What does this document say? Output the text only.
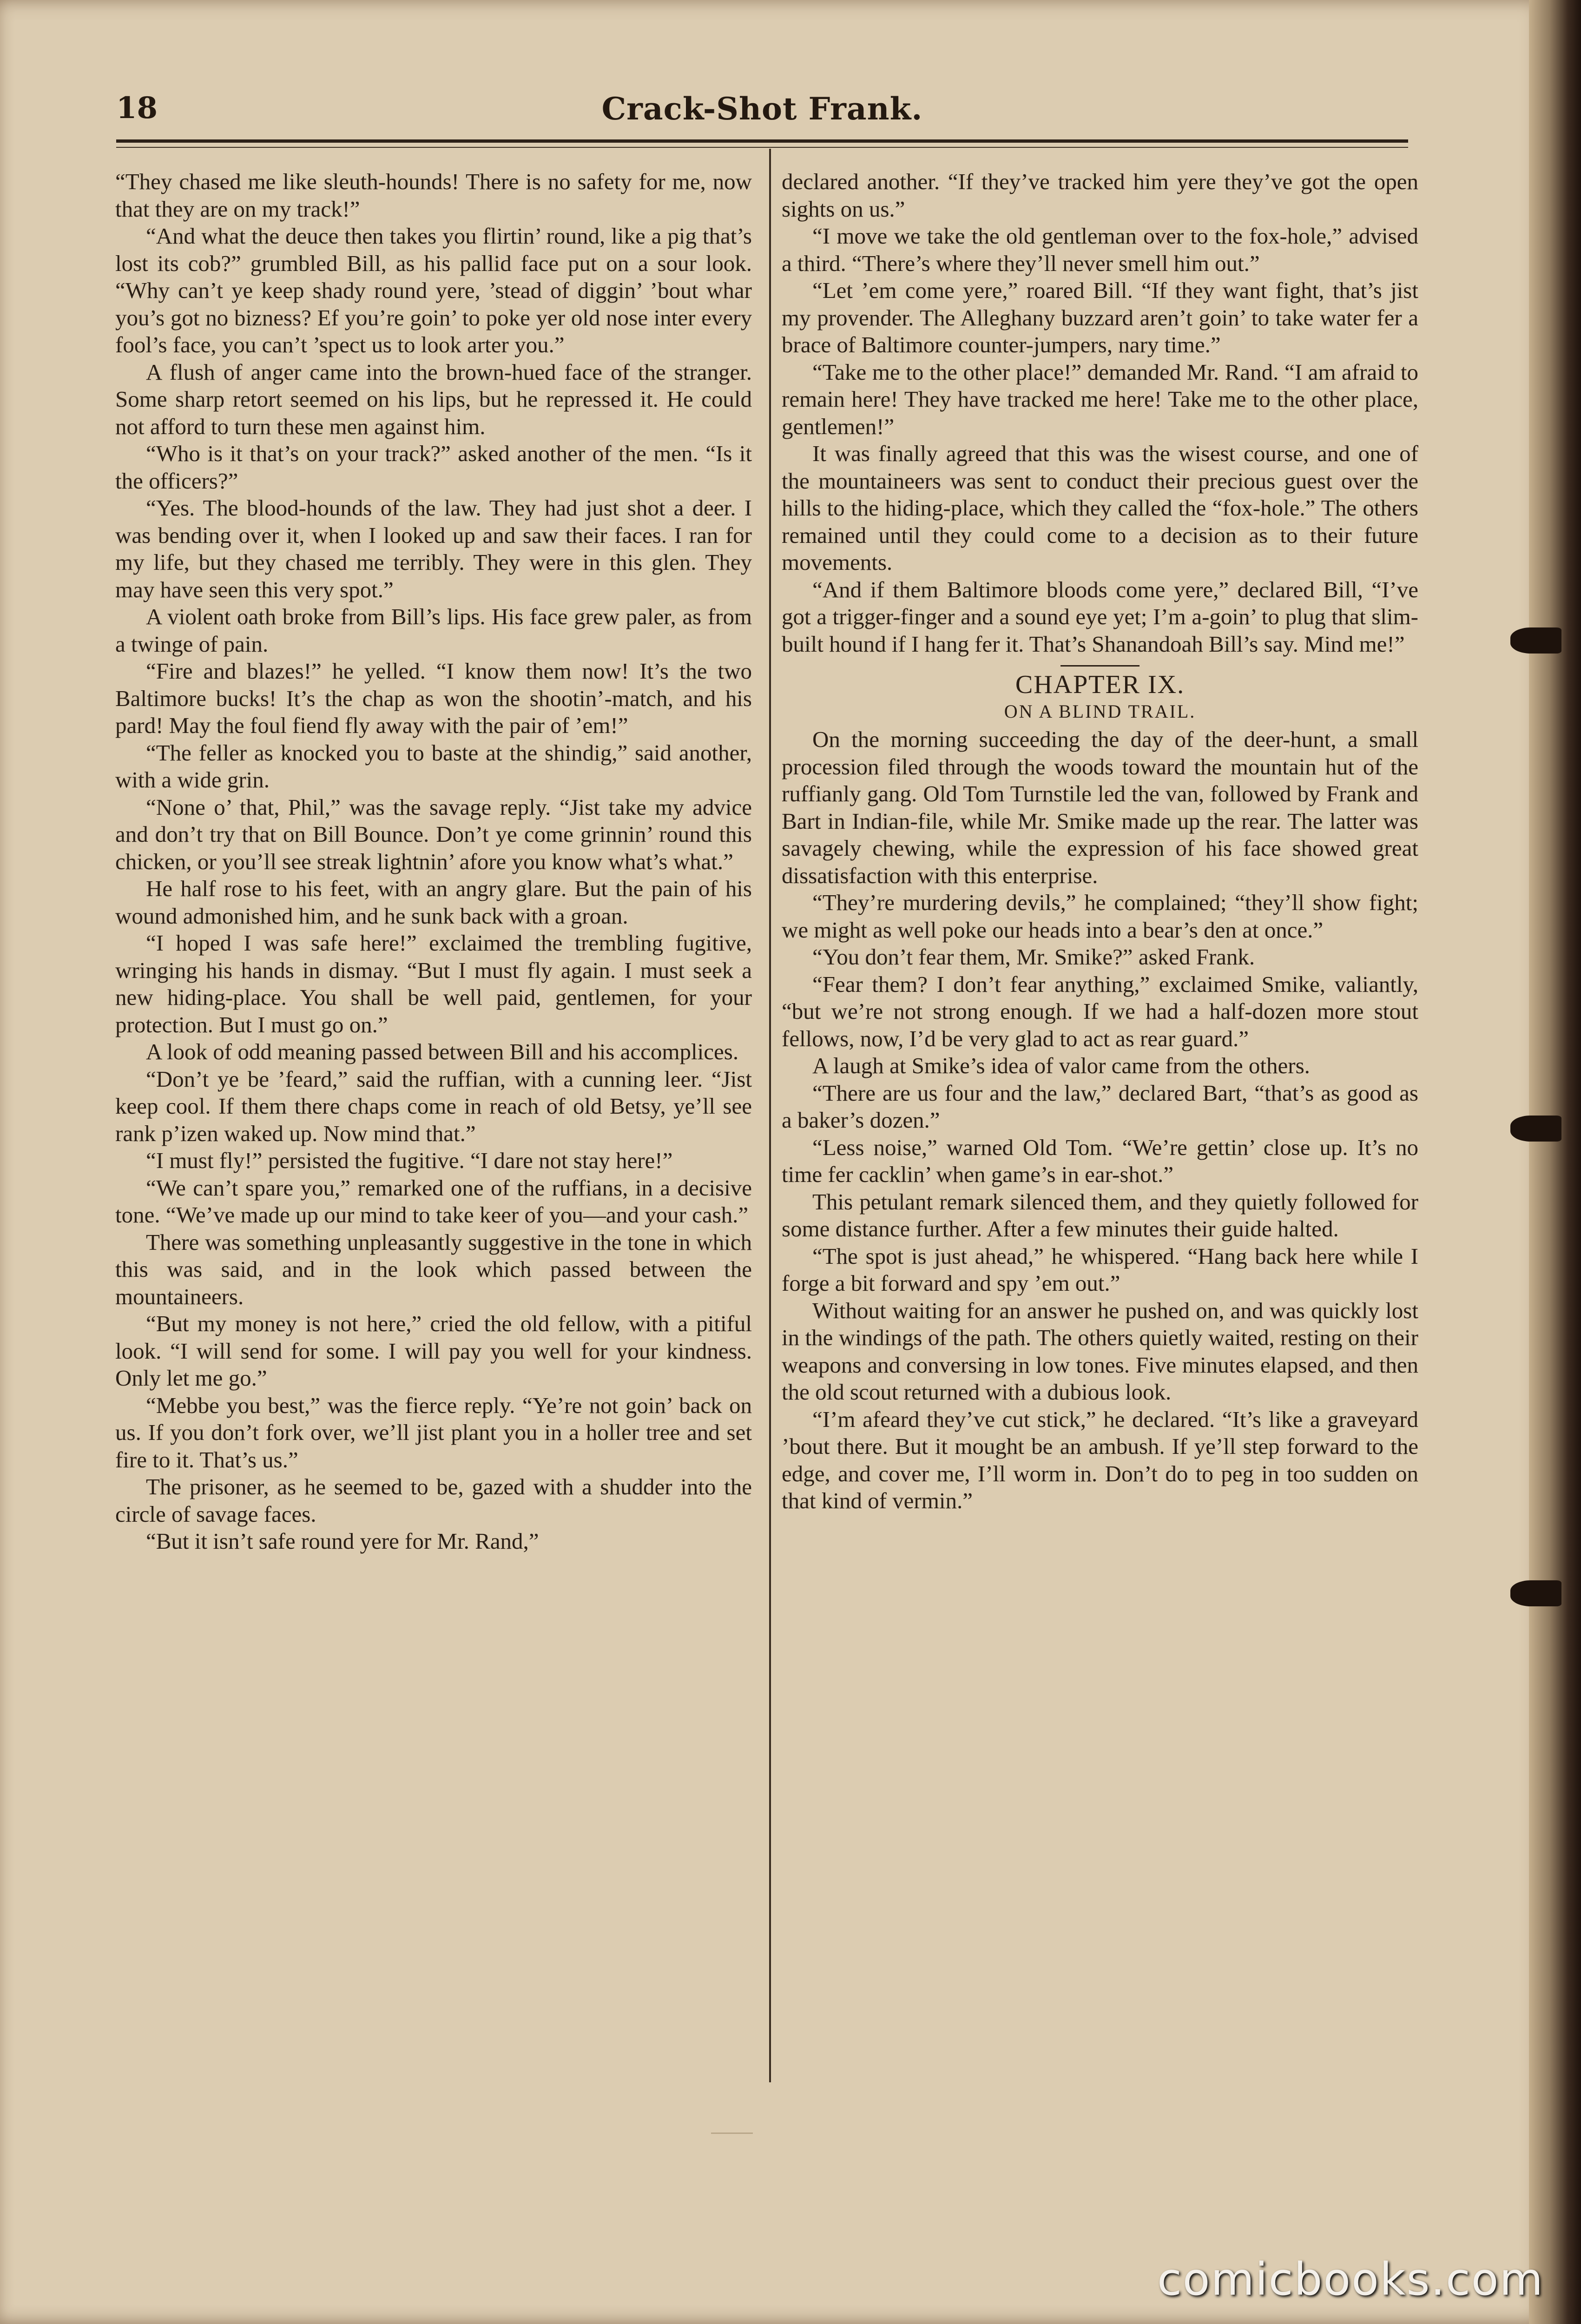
18	Crack-Shot Frank.

“They chased me like sleuth-hounds! There is no safety for me, now that they are on my track!”

“And what the deuce then takes you flirtin’ round, like a pig that’s lost its cob?” grumbled Bill, as his pallid face put on a sour look. “Why can’t ye keep shady round yere, ’stead of diggin’ ’bout whar you’s got no bizness? Ef you’re goin’ to poke yer old nose inter every fool’s face, you can’t ’spect us to look arter you.”

A flush of anger came into the brown-hued face of the stranger. Some sharp retort seemed on his lips, but he repressed it. He could not afford to turn these men against him.

“Who is it that’s on your track?” asked another of the men. “Is it the officers?”

“Yes. The blood-hounds of the law. They had just shot a deer. I was bending over it, when I looked up and saw their faces. I ran for my life, but they chased me terribly. They were in this glen. They may have seen this very spot.”

A violent oath broke from Bill’s lips. His face grew paler, as from a twinge of pain.

“Fire and blazes!” he yelled. “I know them now! It’s the two Baltimore bucks! It’s the chap as won the shootin’-match, and his pard! May the foul fiend fly away with the pair of ’em!”

“The feller as knocked you to baste at the shindig,” said another, with a wide grin.

“None o’ that, Phil,” was the savage reply. “Jist take my advice and don’t try that on Bill Bounce. Don’t ye come grinnin’ round this chicken, or you’ll see streak lightnin’ afore you know what’s what.”

He half rose to his feet, with an angry glare. But the pain of his wound admonished him, and he sunk back with a groan.

“I hoped I was safe here!” exclaimed the trembling fugitive, wringing his hands in dismay. “But I must fly again. I must seek a new hiding-place. You shall be well paid, gentlemen, for your protection. But I must go on.”

A look of odd meaning passed between Bill and his accomplices.

“Don’t ye be ’feard,” said the ruffian, with a cunning leer. “Jist keep cool. If them there chaps come in reach of old Betsy, ye’ll see rank p’izen waked up. Now mind that.”

“I must fly!” persisted the fugitive. “I dare not stay here!”

“We can’t spare you,” remarked one of the ruffians, in a decisive tone. “We’ve made up our mind to take keer of you—and your cash.”

There was something unpleasantly suggestive in the tone in which this was said, and in the look which passed between the mountaineers.

“But my money is not here,” cried the old fellow, with a pitiful look. “I will send for some. I will pay you well for your kindness. Only let me go.”

“Mebbe you best,” was the fierce reply. “Ye’re not goin’ back on us. If you don’t fork over, we’ll jist plant you in a holler tree and set fire to it. That’s us.”

The prisoner, as he seemed to be, gazed with a shudder into the circle of savage faces.

“But it isn’t safe round yere for Mr. Rand,”

declared another. “If they’ve tracked him yere they’ve got the open sights on us.”

“I move we take the old gentleman over to the fox-hole,” advised a third. “There’s where they’ll never smell him out.”

“Let ’em come yere,” roared Bill. “If they want fight, that’s jist my provender. The Alleghany buzzard aren’t goin’ to take water fer a brace of Baltimore counter-jumpers, nary time.”

“Take me to the other place!” demanded Mr. Rand. “I am afraid to remain here! They have tracked me here! Take me to the other place, gentlemen!”

It was finally agreed that this was the wisest course, and one of the mountaineers was sent to conduct their precious guest over the hills to the hiding-place, which they called the “fox-hole.” The others remained until they could come to a decision as to their future movements.

“And if them Baltimore bloods come yere,” declared Bill, “I’ve got a trigger-finger and a sound eye yet; I’m a-goin’ to plug that slim-built hound if I hang fer it. That’s Shanandoah Bill’s say. Mind me!”

CHAPTER IX.
ON A BLIND TRAIL.

On the morning succeeding the day of the deer-hunt, a small procession filed through the woods toward the mountain hut of the ruffianly gang. Old Tom Turnstile led the van, followed by Frank and Bart in Indian-file, while Mr. Smike made up the rear. The latter was savagely chewing, while the expression of his face showed great dissatisfaction with this enterprise.

“They’re murdering devils,” he complained; “they’ll show fight; we might as well poke our heads into a bear’s den at once.”

“You don’t fear them, Mr. Smike?” asked Frank.

“Fear them? I don’t fear anything,” exclaimed Smike, valiantly, “but we’re not strong enough. If we had a half-dozen more stout fellows, now, I’d be very glad to act as rear guard.”

A laugh at Smike’s idea of valor came from the others.

“There are us four and the law,” declared Bart, “that’s as good as a baker’s dozen.”

“Less noise,” warned Old Tom. “We’re gettin’ close up. It’s no time fer cacklin’ when game’s in ear-shot.”

This petulant remark silenced them, and they quietly followed for some distance further. After a few minutes their guide halted.

“The spot is just ahead,” he whispered. “Hang back here while I forge a bit forward and spy ’em out.”

Without waiting for an answer he pushed on, and was quickly lost in the windings of the path. The others quietly waited, resting on their weapons and conversing in low tones. Five minutes elapsed, and then the old scout returned with a dubious look.

“I’m afeard they’ve cut stick,” he declared. “It’s like a graveyard ’bout there. But it mought be an ambush. If ye’ll step forward to the edge, and cover me, I’ll worm in. Don’t do to peg in too sudden on that kind of vermin.”

comicbooks.com
